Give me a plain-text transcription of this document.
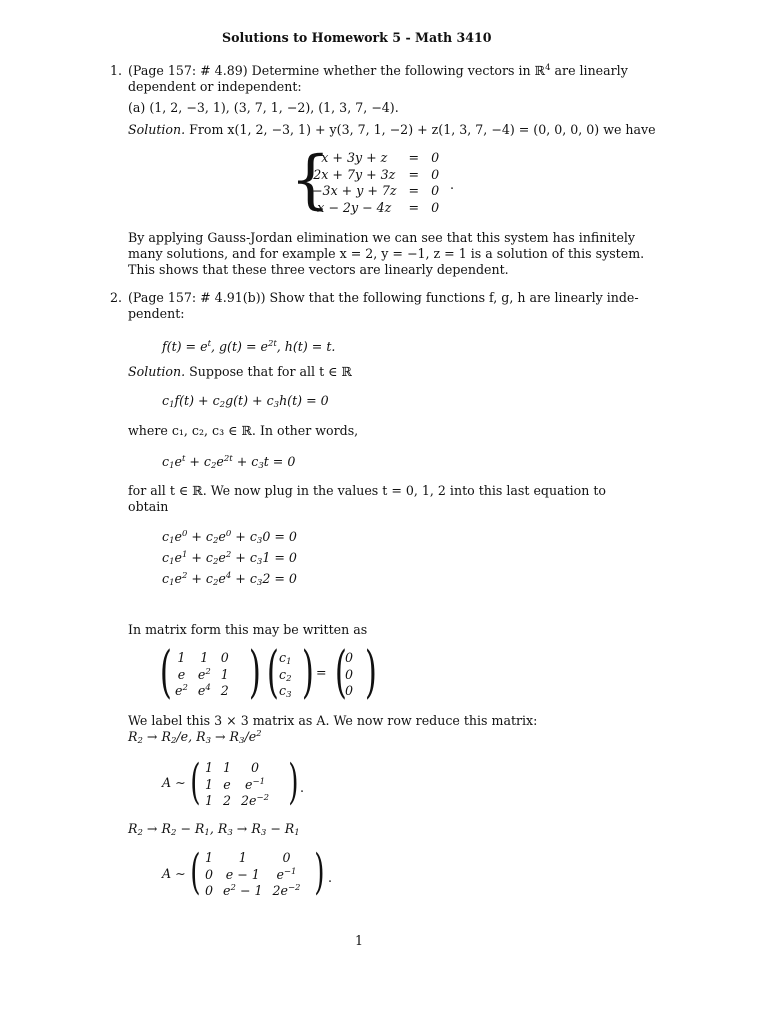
Solutions to Homework 5 - Math 3410
1. (Page 157: # 4.89) Determine whether the following vectors in ℝ$^4$ are linearly
dependent or independent:
(a) (1, 2, −3, 1), (3, 7, 1, −2), (1, 3, 7, −4).
Solution. From x(1, 2, −3, 1) + y(3, 7, 1, −2) + z(1, 3, 7, −4) = (0, 0, 0, 0) we have
{
x + 3y + z	=	0
2x + 7y + 3z	=	0
−3x + y + 7z	=	0
x − 2y − 4z	=	0
.
By applying Gauss-Jordan elimination we can see that this system has infinitely
many solutions, and for example x = 2, y = −1, z = 1 is a solution of this system.
This shows that these three vectors are linearly dependent.
2. (Page 157: # 4.91(b)) Show that the following functions f, g, h are linearly inde-
pendent:
$f(t) = e^t$, $g(t) = e^{2t}$, h(t) = t.
Solution. Suppose that for all t ∈ ℝ
$c_1f(t) + c_2g(t) + c_3h(t) = 0$
where c₁, c₂, c₃ ∈ ℝ. In other words,
$c_1e^t + c_2e^{2t} + c_3t = 0$
for all t ∈ ℝ. We now plug in the values t = 0, 1, 2 into this last equation to
obtain
$c_1e^0 + c_2e^0 + c_30 = 0$
$c_1e^1 + c_2e^2 + c_31 = 0$
$c_1e^2 + c_2e^4 + c_32 = 0$
In matrix form this may be written as
( 1	1	0
e	$e^2$	1
$e^2$	$e^4$	2 ) ( $c_1$
$c_2$
$c_3$ ) = (
0
0
0 )
We label this 3 × 3 matrix as A. We now row reduce this matrix:
$R_2 \to R_2/e$, $R_3 \to R_3/e^2$
A ∼ ( 1	1	0
1	e	$e^{-1}$
1	2	$2e^{-2}$ ) .
$R_2 \to R_2 - R_1$, $R_3 \to R_3 - R_1$
A ∼ ( 1	1	0
0	e − 1	$e^{-1}$
0	$e^2 - 1$	$2e^{-2}$ ) .
1
